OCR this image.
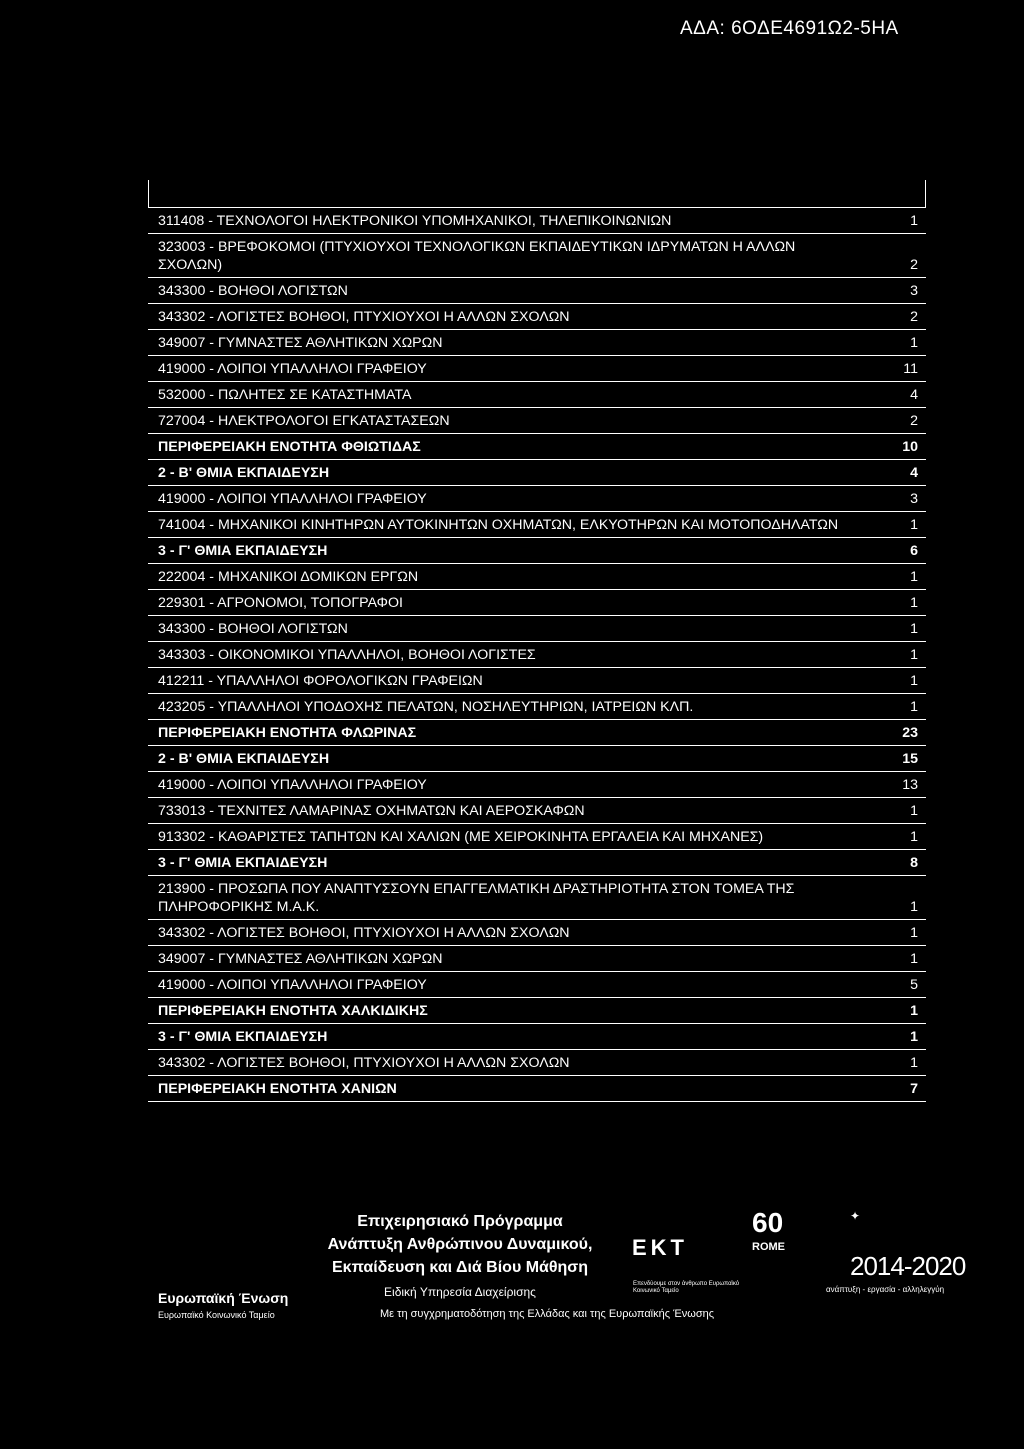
ΑΔΑ: 6ΟΔΕ4691Ω2-5ΗΑ
311408 - ΤΕΧΝΟΛΟΓΟΙ ΗΛΕΚΤΡΟΝΙΚΟΙ ΥΠΟΜΗΧΑΝΙΚΟΙ, ΤΗΛΕΠΙΚΟΙΝΩΝΙΩΝ	1
323003 - ΒΡΕΦΟΚΟΜΟΙ (ΠΤΥΧΙΟΥΧΟΙ ΤΕΧΝΟΛΟΓΙΚΩΝ ΕΚΠΑΙΔΕΥΤΙΚΩΝ ΙΔΡΥΜΑΤΩΝ Η ΑΛΛΩΝ ΣΧΟΛΩΝ)	2
343300 - ΒΟΗΘΟΙ ΛΟΓΙΣΤΩΝ	3
343302 - ΛΟΓΙΣΤΕΣ ΒΟΗΘΟΙ, ΠΤΥΧΙΟΥΧΟΙ Η ΑΛΛΩΝ ΣΧΟΛΩΝ	2
349007 - ΓΥΜΝΑΣΤΕΣ ΑΘΛΗΤΙΚΩΝ ΧΩΡΩΝ	1
419000 - ΛΟΙΠΟΙ ΥΠΑΛΛΗΛΟΙ ΓΡΑΦΕΙΟΥ	11
532000 - ΠΩΛΗΤΕΣ ΣΕ ΚΑΤΑΣΤΗΜΑΤΑ	4
727004 - ΗΛΕΚΤΡΟΛΟΓΟΙ ΕΓΚΑΤΑΣΤΑΣΕΩΝ	2
ΠΕΡΙΦΕΡΕΙΑΚΗ ΕΝΟΤΗΤΑ ΦΘΙΩΤΙΔΑΣ	10
2 - Β' ΘΜΙΑ ΕΚΠΑΙΔΕΥΣΗ	4
419000 - ΛΟΙΠΟΙ ΥΠΑΛΛΗΛΟΙ ΓΡΑΦΕΙΟΥ	3
741004 - ΜΗΧΑΝΙΚΟΙ ΚΙΝΗΤΗΡΩΝ ΑΥΤΟΚΙΝΗΤΩΝ ΟΧΗΜΑΤΩΝ, ΕΛΚΥΟΤΗΡΩΝ ΚΑΙ ΜΟΤΟΠΟΔΗΛΑΤΩΝ	1
3 - Γ' ΘΜΙΑ ΕΚΠΑΙΔΕΥΣΗ	6
222004 - ΜΗΧΑΝΙΚΟΙ ΔΟΜΙΚΩΝ ΕΡΓΩΝ	1
229301 - ΑΓΡΟΝΟΜΟΙ, ΤΟΠΟΓΡΑΦΟΙ	1
343300 - ΒΟΗΘΟΙ ΛΟΓΙΣΤΩΝ	1
343303 - ΟΙΚΟΝΟΜΙΚΟΙ ΥΠΑΛΛΗΛΟΙ, ΒΟΗΘΟΙ ΛΟΓΙΣΤΕΣ	1
412211 - ΥΠΑΛΛΗΛΟΙ ΦΟΡΟΛΟΓΙΚΩΝ ΓΡΑΦΕΙΩΝ	1
423205 - ΥΠΑΛΛΗΛΟΙ ΥΠΟΔΟΧΗΣ ΠΕΛΑΤΩΝ, ΝΟΣΗΛΕΥΤΗΡΙΩΝ, ΙΑΤΡΕΙΩΝ ΚΛΠ.	1
ΠΕΡΙΦΕΡΕΙΑΚΗ ΕΝΟΤΗΤΑ ΦΛΩΡΙΝΑΣ	23
2 - Β' ΘΜΙΑ ΕΚΠΑΙΔΕΥΣΗ	15
419000 - ΛΟΙΠΟΙ ΥΠΑΛΛΗΛΟΙ ΓΡΑΦΕΙΟΥ	13
733013 - ΤΕΧΝΙΤΕΣ ΛΑΜΑΡΙΝΑΣ ΟΧΗΜΑΤΩΝ ΚΑΙ ΑΕΡΟΣΚΑΦΩΝ	1
913302 - ΚΑΘΑΡΙΣΤΕΣ ΤΑΠΗΤΩΝ ΚΑΙ ΧΑΛΙΩΝ (ΜΕ ΧΕΙΡΟΚΙΝΗΤΑ ΕΡΓΑΛΕΙΑ ΚΑΙ ΜΗΧΑΝΕΣ)	1
3 - Γ' ΘΜΙΑ ΕΚΠΑΙΔΕΥΣΗ	8
213900 - ΠΡΟΣΩΠΑ ΠΟΥ ΑΝΑΠΤΥΣΣΟΥΝ ΕΠΑΓΓΕΛΜΑΤΙΚΗ ΔΡΑΣΤΗΡΙΟΤΗΤΑ ΣΤΟΝ ΤΟΜΕΑ ΤΗΣ ΠΛΗΡΟΦΟΡΙΚΗΣ Μ.Α.Κ.	1
343302 - ΛΟΓΙΣΤΕΣ ΒΟΗΘΟΙ, ΠΤΥΧΙΟΥΧΟΙ Η ΑΛΛΩΝ ΣΧΟΛΩΝ	1
349007 - ΓΥΜΝΑΣΤΕΣ ΑΘΛΗΤΙΚΩΝ ΧΩΡΩΝ	1
419000 - ΛΟΙΠΟΙ ΥΠΑΛΛΗΛΟΙ ΓΡΑΦΕΙΟΥ	5
ΠΕΡΙΦΕΡΕΙΑΚΗ ΕΝΟΤΗΤΑ ΧΑΛΚΙΔΙΚΗΣ	1
3 - Γ' ΘΜΙΑ ΕΚΠΑΙΔΕΥΣΗ	1
343302 - ΛΟΓΙΣΤΕΣ ΒΟΗΘΟΙ, ΠΤΥΧΙΟΥΧΟΙ Η ΑΛΛΩΝ ΣΧΟΛΩΝ	1
ΠΕΡΙΦΕΡΕΙΑΚΗ ΕΝΟΤΗΤΑ ΧΑΝΙΩΝ	7
Ευρωπαϊκή Ένωση
Ευρωπαϊκό Κοινωνικό Ταμείο
Επιχειρησιακό Πρόγραμμα
Ανάπτυξη Ανθρώπινου Δυναμικού,
Εκπαίδευση και Διά Βίου Μάθηση
Ειδική Υπηρεσία Διαχείρισης
Με τη συγχρηματοδότηση της Ελλάδας και της Ευρωπαϊκής Ένωσης
ΕΚΤ
Επενδύουμε στον άνθρωπο Ευρωπαϊκό Κοινωνικό Ταμείο
60
ROME
✦
2014-2020
ανάπτυξη - εργασία - αλληλεγγύη
